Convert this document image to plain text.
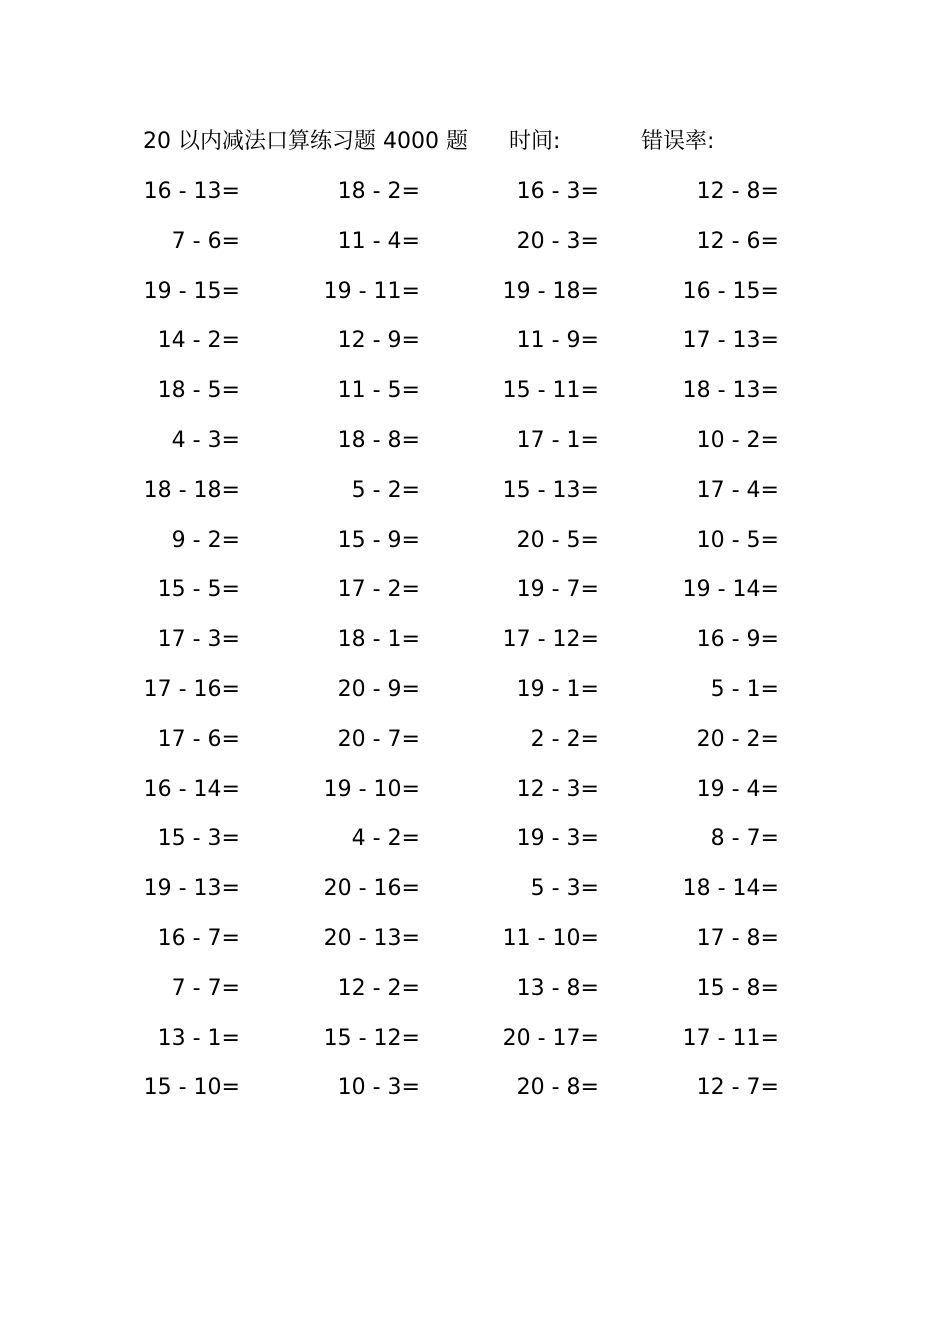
20 以内减法口算练习题 4000 题 时间:	错误率:
16 - 13=	18 - 2=	16 - 3=	12 - 8=
7 - 6=	11 - 4=	20 - 3=	12 - 6=
19 - 15=	19 - 11=	19 - 18=	16 - 15=
14 - 2=	12 - 9=	11 - 9=	17 - 13=
18 - 5=	11 - 5=	15 - 11=	18 - 13=
4 - 3=	18 - 8=	17 - 1=	10 - 2=
18 - 18=	5 - 2=	15 - 13=	17 - 4=
9 - 2=	15 - 9=	20 - 5=	10 - 5=
15 - 5=	17 - 2=	19 - 7=	19 - 14=
17 - 3=	18 - 1=	17 - 12=	16 - 9=
17 - 16=	20 - 9=	19 - 1=	5 - 1=
17 - 6=	20 - 7=	2 - 2=	20 - 2=
16 - 14=	19 - 10=	12 - 3=	19 - 4=
15 - 3=	4 - 2=	19 - 3=	8 - 7=
19 - 13=	20 - 16=	5 - 3=	18 - 14=
16 - 7=	20 - 13=	11 - 10=	17 - 8=
7 - 7=	12 - 2=	13 - 8=	15 - 8=
13 - 1=	15 - 12=	20 - 17=	17 - 11=
15 - 10=	10 - 3=	20 - 8=	12 - 7=
